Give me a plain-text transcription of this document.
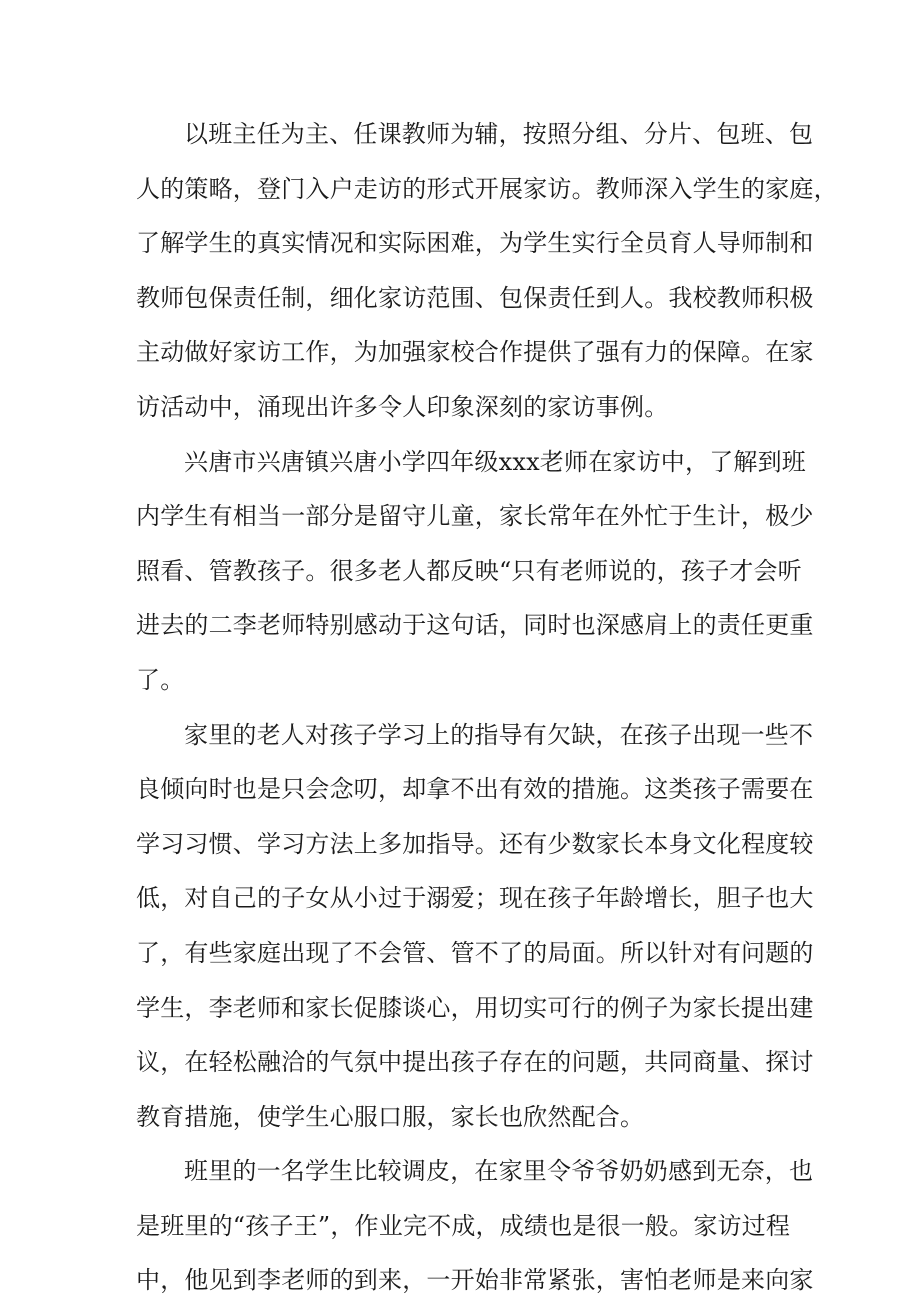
以班主任为主、任课教师为辅，按照分组、分片、包班、包
人的策略，登门入户走访的形式开展家访。教师深入学生的家庭，
了解学生的真实情况和实际困难，为学生实行全员育人导师制和
教师包保责任制，细化家访范围、包保责任到人。我校教师积极
主动做好家访工作，为加强家校合作提供了强有力的保障。在家
访活动中，涌现出许多令人印象深刻的家访事例。
兴唐市兴唐镇兴唐小学四年级xxx老师在家访中，了解到班
内学生有相当一部分是留守儿童，家长常年在外忙于生计，极少
照看、管教孩子。很多老人都反映“只有老师说的，孩子才会听
进去的二李老师特别感动于这句话，同时也深感肩上的责任更重
了。
家里的老人对孩子学习上的指导有欠缺，在孩子出现一些不
良倾向时也是只会念叨，却拿不出有效的措施。这类孩子需要在
学习习惯、学习方法上多加指导。还有少数家长本身文化程度较
低，对自己的子女从小过于溺爱；现在孩子年龄增长，胆子也大
了，有些家庭出现了不会管、管不了的局面。所以针对有问题的
学生，李老师和家长促膝谈心，用切实可行的例子为家长提出建
议，在轻松融洽的气氛中提出孩子存在的问题，共同商量、探讨
教育措施，使学生心服口服，家长也欣然配合。
班里的一名学生比较调皮，在家里令爷爷奶奶感到无奈，也
是班里的“孩子王”，作业完不成，成绩也是很一般。家访过程
中，他见到李老师的到来，一开始非常紧张，害怕老师是来向家
